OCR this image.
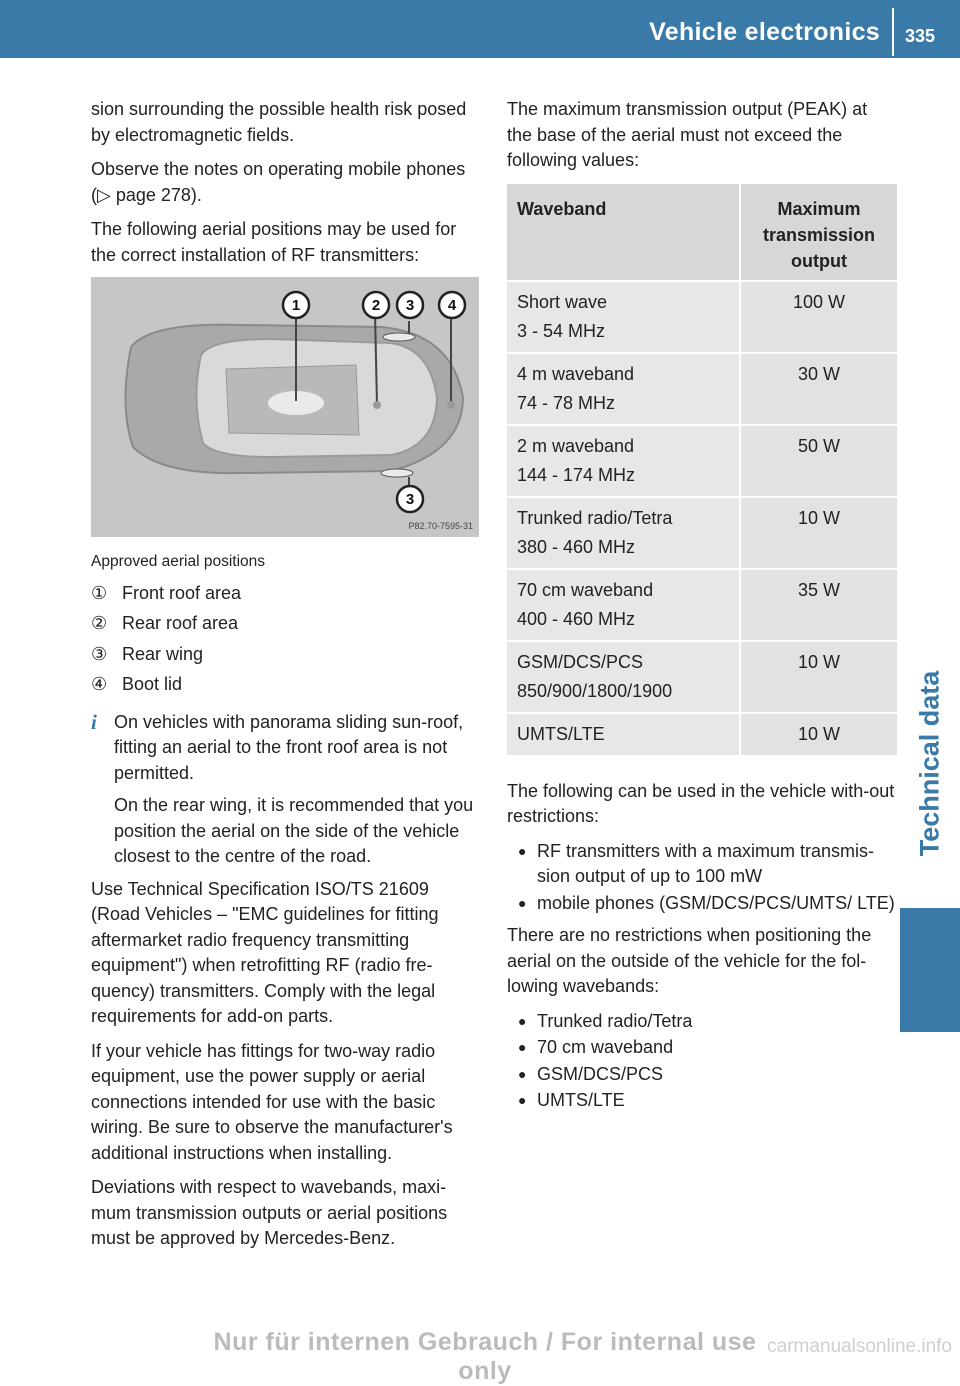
Vehicle electronics 335
Technical data

sion surrounding the possible health risk posed by electromagnetic fields.

Observe the notes on operating mobile phones (▷ page 278).

The following aerial positions may be used for the correct installation of RF transmitters:

1	2 3 4
3
P82.70-7595-31

Approved aerial positions

① Front roof area
② Rear roof area
③ Rear wing
④ Boot lid
i On vehicles with panorama sliding sun-roof, fitting an aerial to the front roof area is not permitted.

On the rear wing, it is recommended that you position the aerial on the side of the vehicle closest to the centre of the road.

Use Technical Specification ISO/TS 21609 (Road Vehicles – "EMC guidelines for fitting aftermarket radio frequency transmitting equipment") when retrofitting RF (radio fre-quency) transmitters. Comply with the legal requirements for add-on parts.

If your vehicle has fittings for two-way radio equipment, use the power supply or aerial connections intended for use with the basic wiring. Be sure to observe the manufacturer's additional instructions when installing.

Deviations with respect to wavebands, maxi-mum transmission outputs or aerial positions must be approved by Mercedes-Benz.

The maximum transmission output (PEAK) at the base of the aerial must not exceed the following values:

Waveband	Maximum transmission output

Short wave
3 - 54 MHz	100 W

4 m waveband
74 - 78 MHz	30 W

2 m waveband
144 - 174 MHz	50 W

Trunked radio/Tetra
380 - 460 MHz	10 W

70 cm waveband
400 - 460 MHz	35 W

GSM/DCS/PCS
850/900/1800/1900	10 W

UMTS/LTE	10 W

The following can be used in the vehicle with-out restrictions:

● RF transmitters with a maximum transmis-sion output of up to 100 mW
● mobile phones (GSM/DCS/PCS/UMTS/ LTE)

There are no restrictions when positioning the aerial on the outside of the vehicle for the fol-lowing wavebands:

● Trunked radio/Tetra
● 70 cm waveband
● GSM/DCS/PCS
● UMTS/LTE
Nur für internen Gebrauch / For internal use only
carmanualsonline.info
